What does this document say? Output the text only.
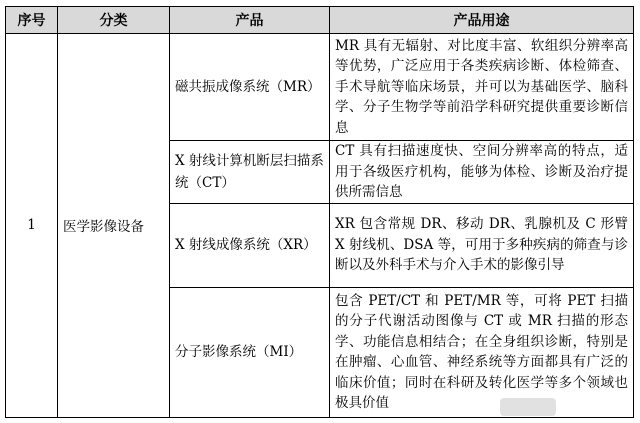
序号	分类	产品	产品用途
1	医学影像设备	磁共振成像系统（MR）	MR 具有无辐射、对比度丰富、软组织分辨率高等优势，广泛应用于各类疾病诊断、体检筛查、手术导航等临床场景，并可以为基础医学、脑科学、分子生物学等前沿学科研究提供重要诊断信息
		X 射线计算机断层扫描系统（CT）	CT 具有扫描速度快、空间分辨率高的特点，适用于各级医疗机构，能够为体检、诊断及治疗提供所需信息
		X 射线成像系统（XR）	XR 包含常规 DR、移动 DR、乳腺机及 C 形臂 X 射线机、DSA 等，可用于多种疾病的筛查与诊断以及外科手术与介入手术的影像引导
		分子影像系统（MI）	包含 PET/CT 和 PET/MR 等，可将 PET 扫描的分子代谢活动图像与 CT 或 MR 扫描的形态学、功能信息相结合；在全身组织诊断，特别是在肿瘤、心血管、神经系统等方面都具有广泛的临床价值；同时在科研及转化医学等多个领域也极具价值
